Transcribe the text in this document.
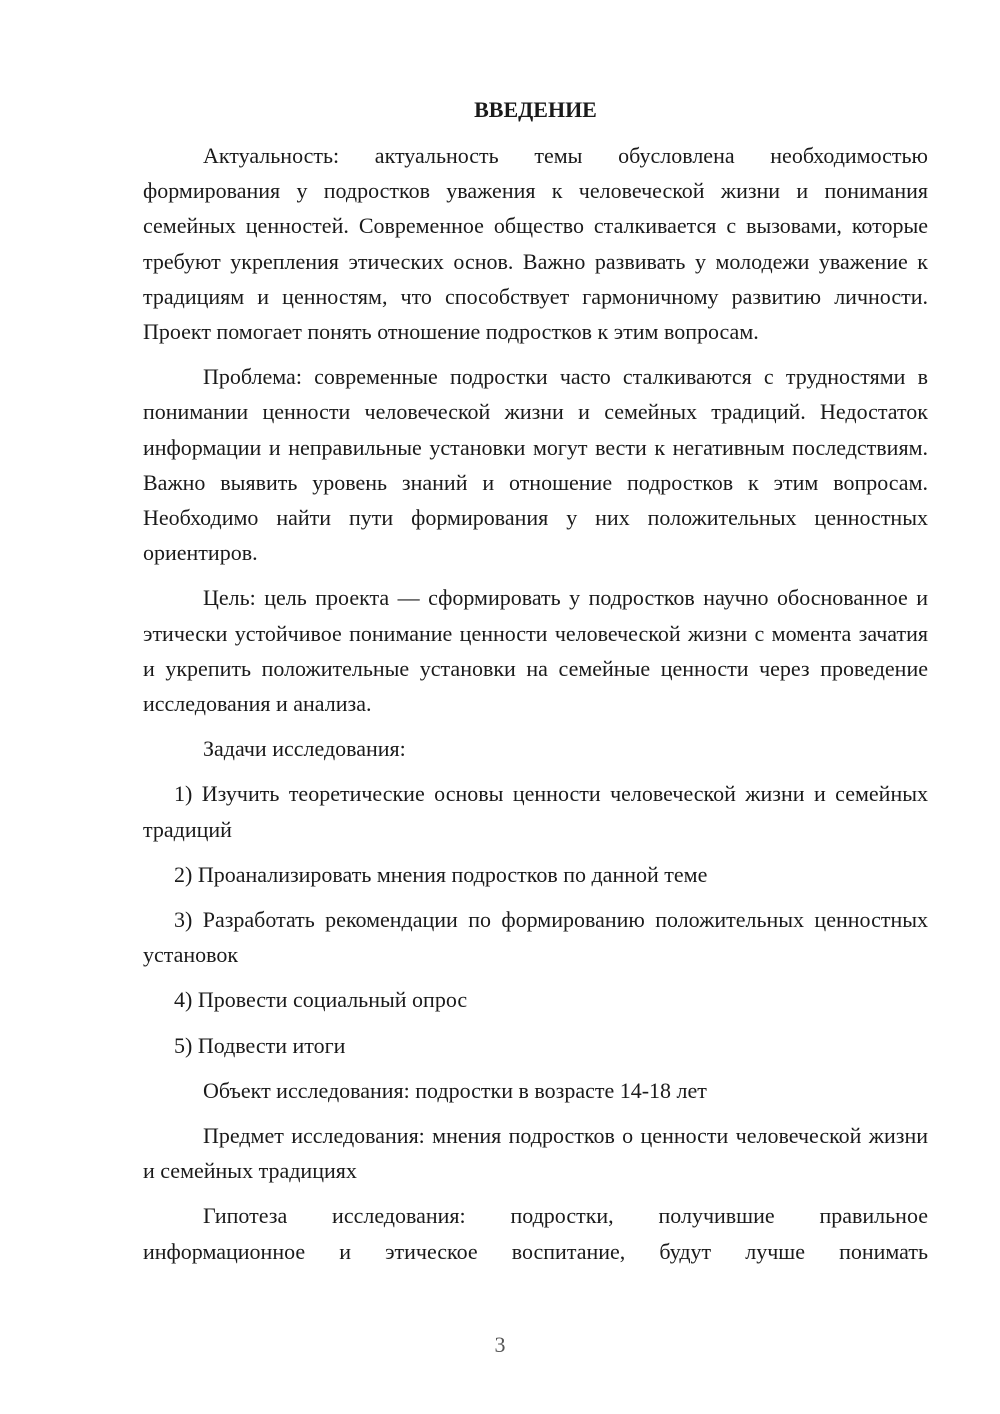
ВВЕДЕНИЕ

Актуальность: актуальность темы обусловлена необходимостью формирования у подростков уважения к человеческой жизни и понимания семейных ценностей. Современное общество сталкивается с вызовами, которые требуют укрепления этических основ. Важно развивать у молодежи уважение к традициям и ценностям, что способствует гармоничному развитию личности. Проект помогает понять отношение подростков к этим вопросам.

Проблема: современные подростки часто сталкиваются с трудностями в понимании ценности человеческой жизни и семейных традиций. Недостаток информации и неправильные установки могут вести к негативным последствиям. Важно выявить уровень знаний и отношение подростков к этим вопросам. Необходимо найти пути формирования у них положительных ценностных ориентиров.

Цель: цель проекта — сформировать у подростков научно обоснованное и этически устойчивое понимание ценности человеческой жизни с момента зачатия и укрепить положительные установки на семейные ценности через проведение исследования и анализа.

Задачи исследования:

1) Изучить теоретические основы ценности человеческой жизни и семейных традиций

2) Проанализировать мнения подростков по данной теме

3) Разработать рекомендации по формированию положительных ценностных установок

4) Провести социальный опрос

5) Подвести итоги

Объект исследования: подростки в возрасте 14-18 лет

Предмет исследования: мнения подростков о ценности человеческой жизни и семейных традициях

Гипотеза исследования: подростки, получившие правильное информационное и этическое воспитание, будут лучше понимать

3
